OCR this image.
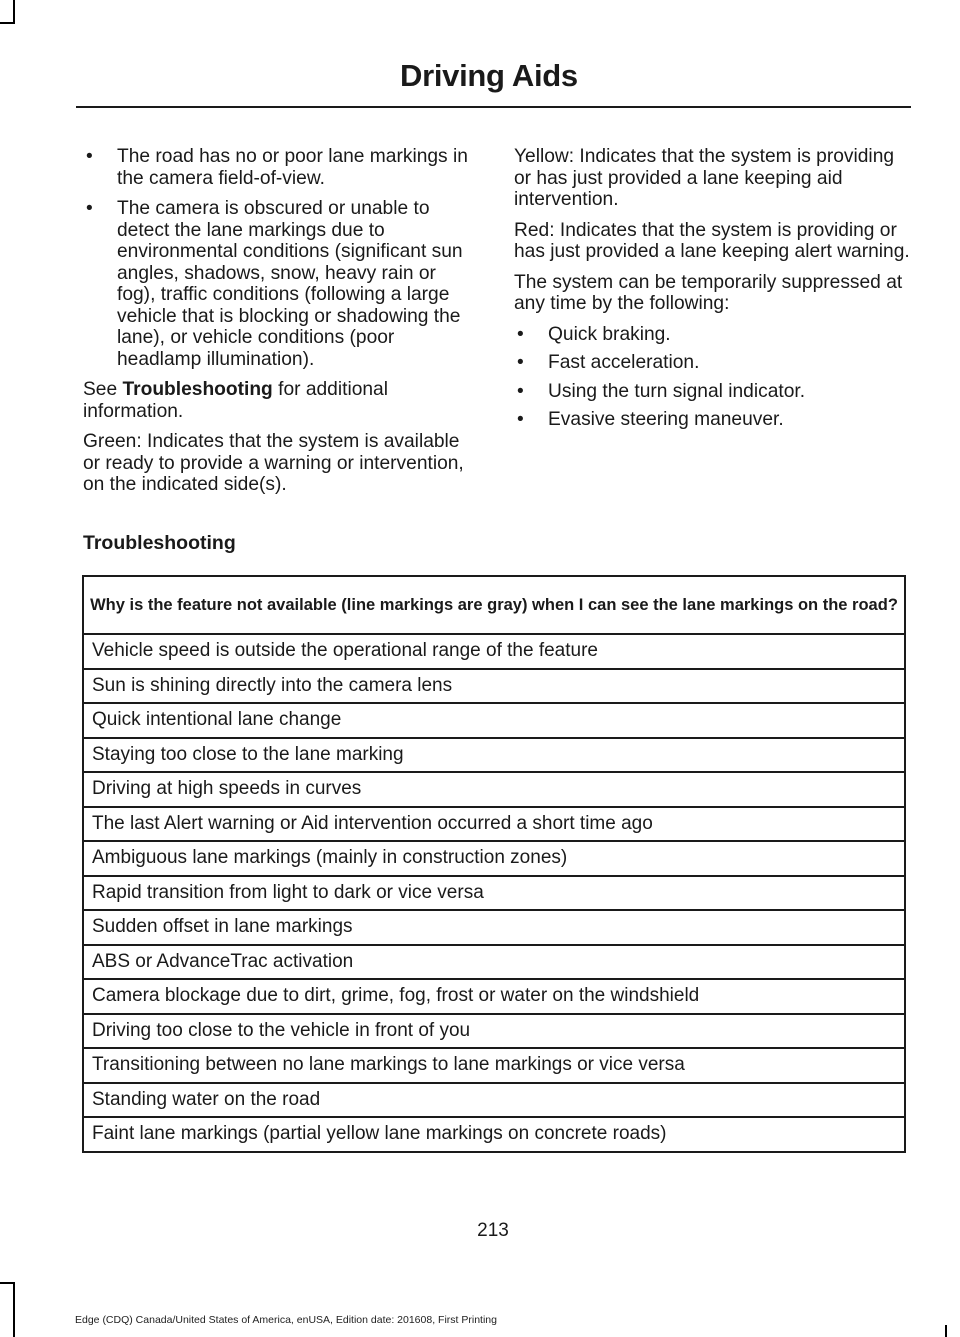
Driving Aids
• The road has no or poor lane markings in the camera field-of-view.
• The camera is obscured or unable to detect the lane markings due to environmental conditions (significant sun angles, shadows, snow, heavy rain or fog), traffic conditions (following a large vehicle that is blocking or shadowing the lane), or vehicle conditions (poor headlamp illumination).

See Troubleshooting for additional information.

Green: Indicates that the system is available or ready to provide a warning or intervention, on the indicated side(s).

Yellow: Indicates that the system is providing or has just provided a lane keeping aid intervention.

Red: Indicates that the system is providing or has just provided a lane keeping alert warning.

The system can be temporarily suppressed at any time by the following:

• Quick braking.
• Fast acceleration.
• Using the turn signal indicator.
• Evasive steering maneuver.
Troubleshooting
Why is the feature not available (line markings are gray) when I can see the lane markings on the road?
Vehicle speed is outside the operational range of the feature
Sun is shining directly into the camera lens
Quick intentional lane change
Staying too close to the lane marking
Driving at high speeds in curves
The last Alert warning or Aid intervention occurred a short time ago
Ambiguous lane markings (mainly in construction zones)
Rapid transition from light to dark or vice versa
Sudden offset in lane markings
ABS or AdvanceTrac activation
Camera blockage due to dirt, grime, fog, frost or water on the windshield
Driving too close to the vehicle in front of you
Transitioning between no lane markings to lane markings or vice versa
Standing water on the road
Faint lane markings (partial yellow lane markings on concrete roads)
213
Edge (CDQ) Canada/United States of America, enUSA, Edition date: 201608, First Printing
